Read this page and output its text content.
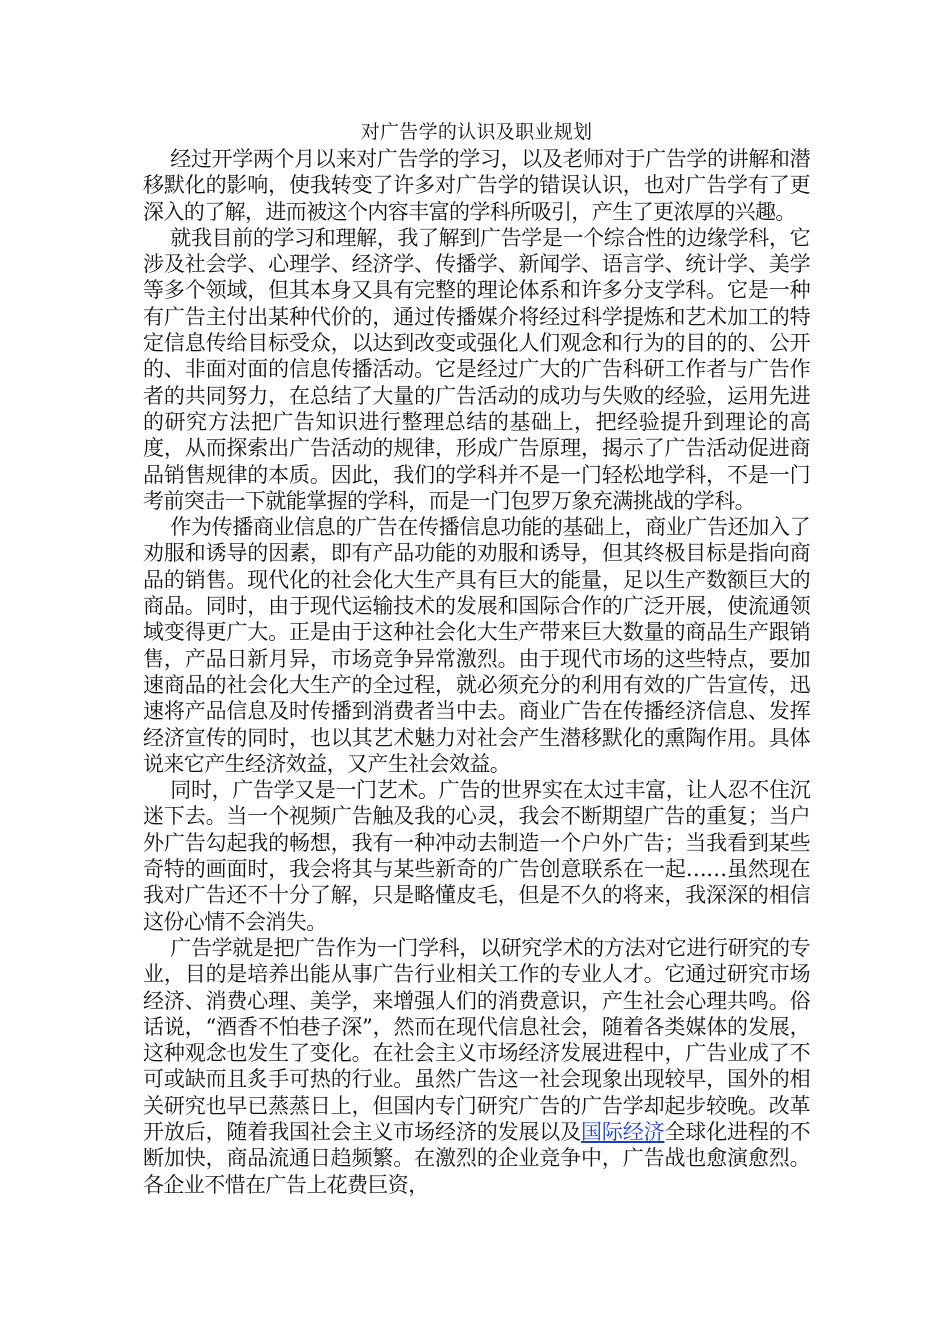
对广告学的认识及职业规划

经过开学两个月以来对广告学的学习，以及老师对于广告学的讲解和潜移默化的影响，使我转变了许多对广告学的错误认识，也对广告学有了更深入的了解，进而被这个内容丰富的学科所吸引，产生了更浓厚的兴趣。

就我目前的学习和理解，我了解到广告学是一个综合性的边缘学科，它涉及社会学、心理学、经济学、传播学、新闻学、语言学、统计学、美学等多个领域，但其本身又具有完整的理论体系和许多分支学科。它是一种有广告主付出某种代价的，通过传播媒介将经过科学提炼和艺术加工的特定信息传给目标受众，以达到改变或强化人们观念和行为的目的的、公开的、非面对面的信息传播活动。它是经过广大的广告科研工作者与广告作者的共同努力，在总结了大量的广告活动的成功与失败的经验，运用先进的研究方法把广告知识进行整理总结的基础上，把经验提升到理论的高度，从而探索出广告活动的规律，形成广告原理，揭示了广告活动促进商品销售规律的本质。因此，我们的学科并不是一门轻松地学科，不是一门考前突击一下就能掌握的学科，而是一门包罗万象充满挑战的学科。

作为传播商业信息的广告在传播信息功能的基础上，商业广告还加入了劝服和诱导的因素，即有产品功能的劝服和诱导，但其终极目标是指向商品的销售。现代化的社会化大生产具有巨大的能量，足以生产数额巨大的商品。同时，由于现代运输技术的发展和国际合作的广泛开展，使流通领域变得更广大。正是由于这种社会化大生产带来巨大数量的商品生产跟销售，产品日新月异，市场竞争异常激烈。由于现代市场的这些特点，要加速商品的社会化大生产的全过程，就必须充分的利用有效的广告宣传，迅速将产品信息及时传播到消费者当中去。商业广告在传播经济信息、发挥经济宣传的同时，也以其艺术魅力对社会产生潜移默化的熏陶作用。具体说来它产生经济效益，又产生社会效益。

同时，广告学又是一门艺术。广告的世界实在太过丰富，让人忍不住沉迷下去。当一个视频广告触及我的心灵，我会不断期望广告的重复；当户外广告勾起我的畅想，我有一种冲动去制造一个户外广告；当我看到某些奇特的画面时，我会将其与某些新奇的广告创意联系在一起……虽然现在我对广告还不十分了解，只是略懂皮毛，但是不久的将来，我深深的相信这份心情不会消失。

广告学就是把广告作为一门学科，以研究学术的方法对它进行研究的专业，目的是培养出能从事广告行业相关工作的专业人才。它通过研究市场经济、消费心理、美学，来增强人们的消费意识，产生社会心理共鸣。俗话说，“酒香不怕巷子深”，然而在现代信息社会，随着各类媒体的发展，这种观念也发生了变化。在社会主义市场经济发展进程中，广告业成了不可或缺而且炙手可热的行业。虽然广告这一社会现象出现较早，国外的相关研究也早已蒸蒸日上，但国内专门研究广告的广告学却起步较晚。改革开放后，随着我国社会主义市场经济的发展以及国际经济全球化进程的不断加快，商品流通日趋频繁。在激烈的企业竞争中，广告战也愈演愈烈。各企业不惜在广告上花费巨资，
